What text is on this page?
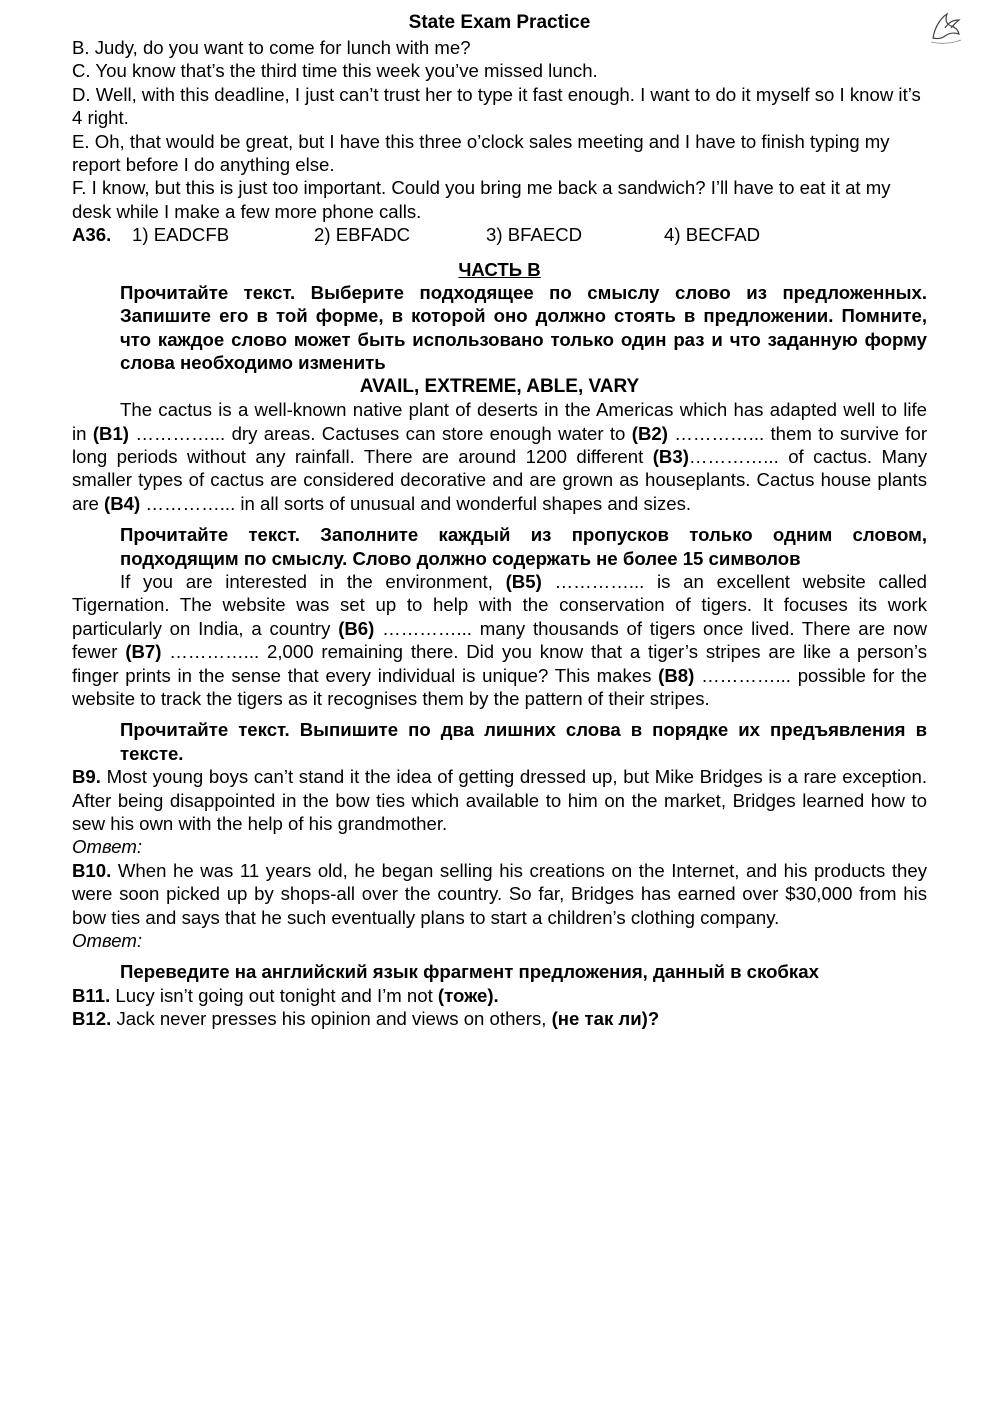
State Exam Practice

B. Judy, do you want to come for lunch with me?

C. You know that’s the third time this week you’ve missed lunch.

D. Well, with this deadline, I just can’t trust her to type it fast enough. I want to do it myself so I know it’s 4 right.

E. Oh, that would be great, but I have this three o’clock sales meeting and I have to finish typing my report before I do anything else.

F. I know, but this is just too important. Could you bring me back a sandwich? I’ll have to eat it at my desk while I make a few more phone calls.

A36.	1) EADCFB	2) EBFADC	3) BFAECD	4) BECFAD

ЧАСТЬ B

Прочитайте текст. Выберите подходящее по смыслу слово из предложенных. Запишите его в той форме, в которой оно должно стоять в предложении. Помните, что каждое слово может быть использовано только один раз и что заданную форму слова необходимо изменить

AVAIL, EXTREME, ABLE, VARY

The cactus is a well-known native plant of deserts in the Americas which has adapted well to life in (B1) …………... dry areas. Cactuses can store enough water to (B2) …………... them to survive for long periods without any rainfall. There are around 1200 different (B3)…………... of cactus. Many smaller types of cactus are considered decorative and are grown as houseplants. Cactus house plants are (B4) …………... in all sorts of unusual and wonderful shapes and sizes.

Прочитайте текст. Заполните каждый из пропусков только одним словом, подходящим по смыслу. Слово должно содержать не более 15 символов

If you are interested in the environment, (B5) …………... is an excellent website called Tigernation. The website was set up to help with the conservation of tigers. It focuses its work particularly on India, a country (B6) …………... many thousands of tigers once lived. There are now fewer (B7) …………... 2,000 remaining there. Did you know that a tiger’s stripes are like a person’s finger prints in the sense that every individual is unique? This makes (B8) …………... possible for the website to track the tigers as it recognises them by the pattern of their stripes.

Прочитайте текст. Выпишите по два лишних слова в порядке их предъявления в тексте.

B9. Most young boys can’t stand it the idea of getting dressed up, but Mike Bridges is a rare exception. After being disappointed in the bow ties which available to him on the market, Bridges learned how to sew his own with the help of his grandmother.

Ответ:

B10. When he was 11 years old, he began selling his creations on the Internet, and his products they were soon picked up by shops-all over the country. So far, Bridges has earned over $30,000 from his bow ties and says that he such eventually plans to start a children’s clothing company.

Ответ:

Переведите на английский язык фрагмент предложения, данный в скобках

B11. Lucy isn’t going out tonight and I’m not (тоже).

B12. Jack never presses his opinion and views on others, (не так ли)?
